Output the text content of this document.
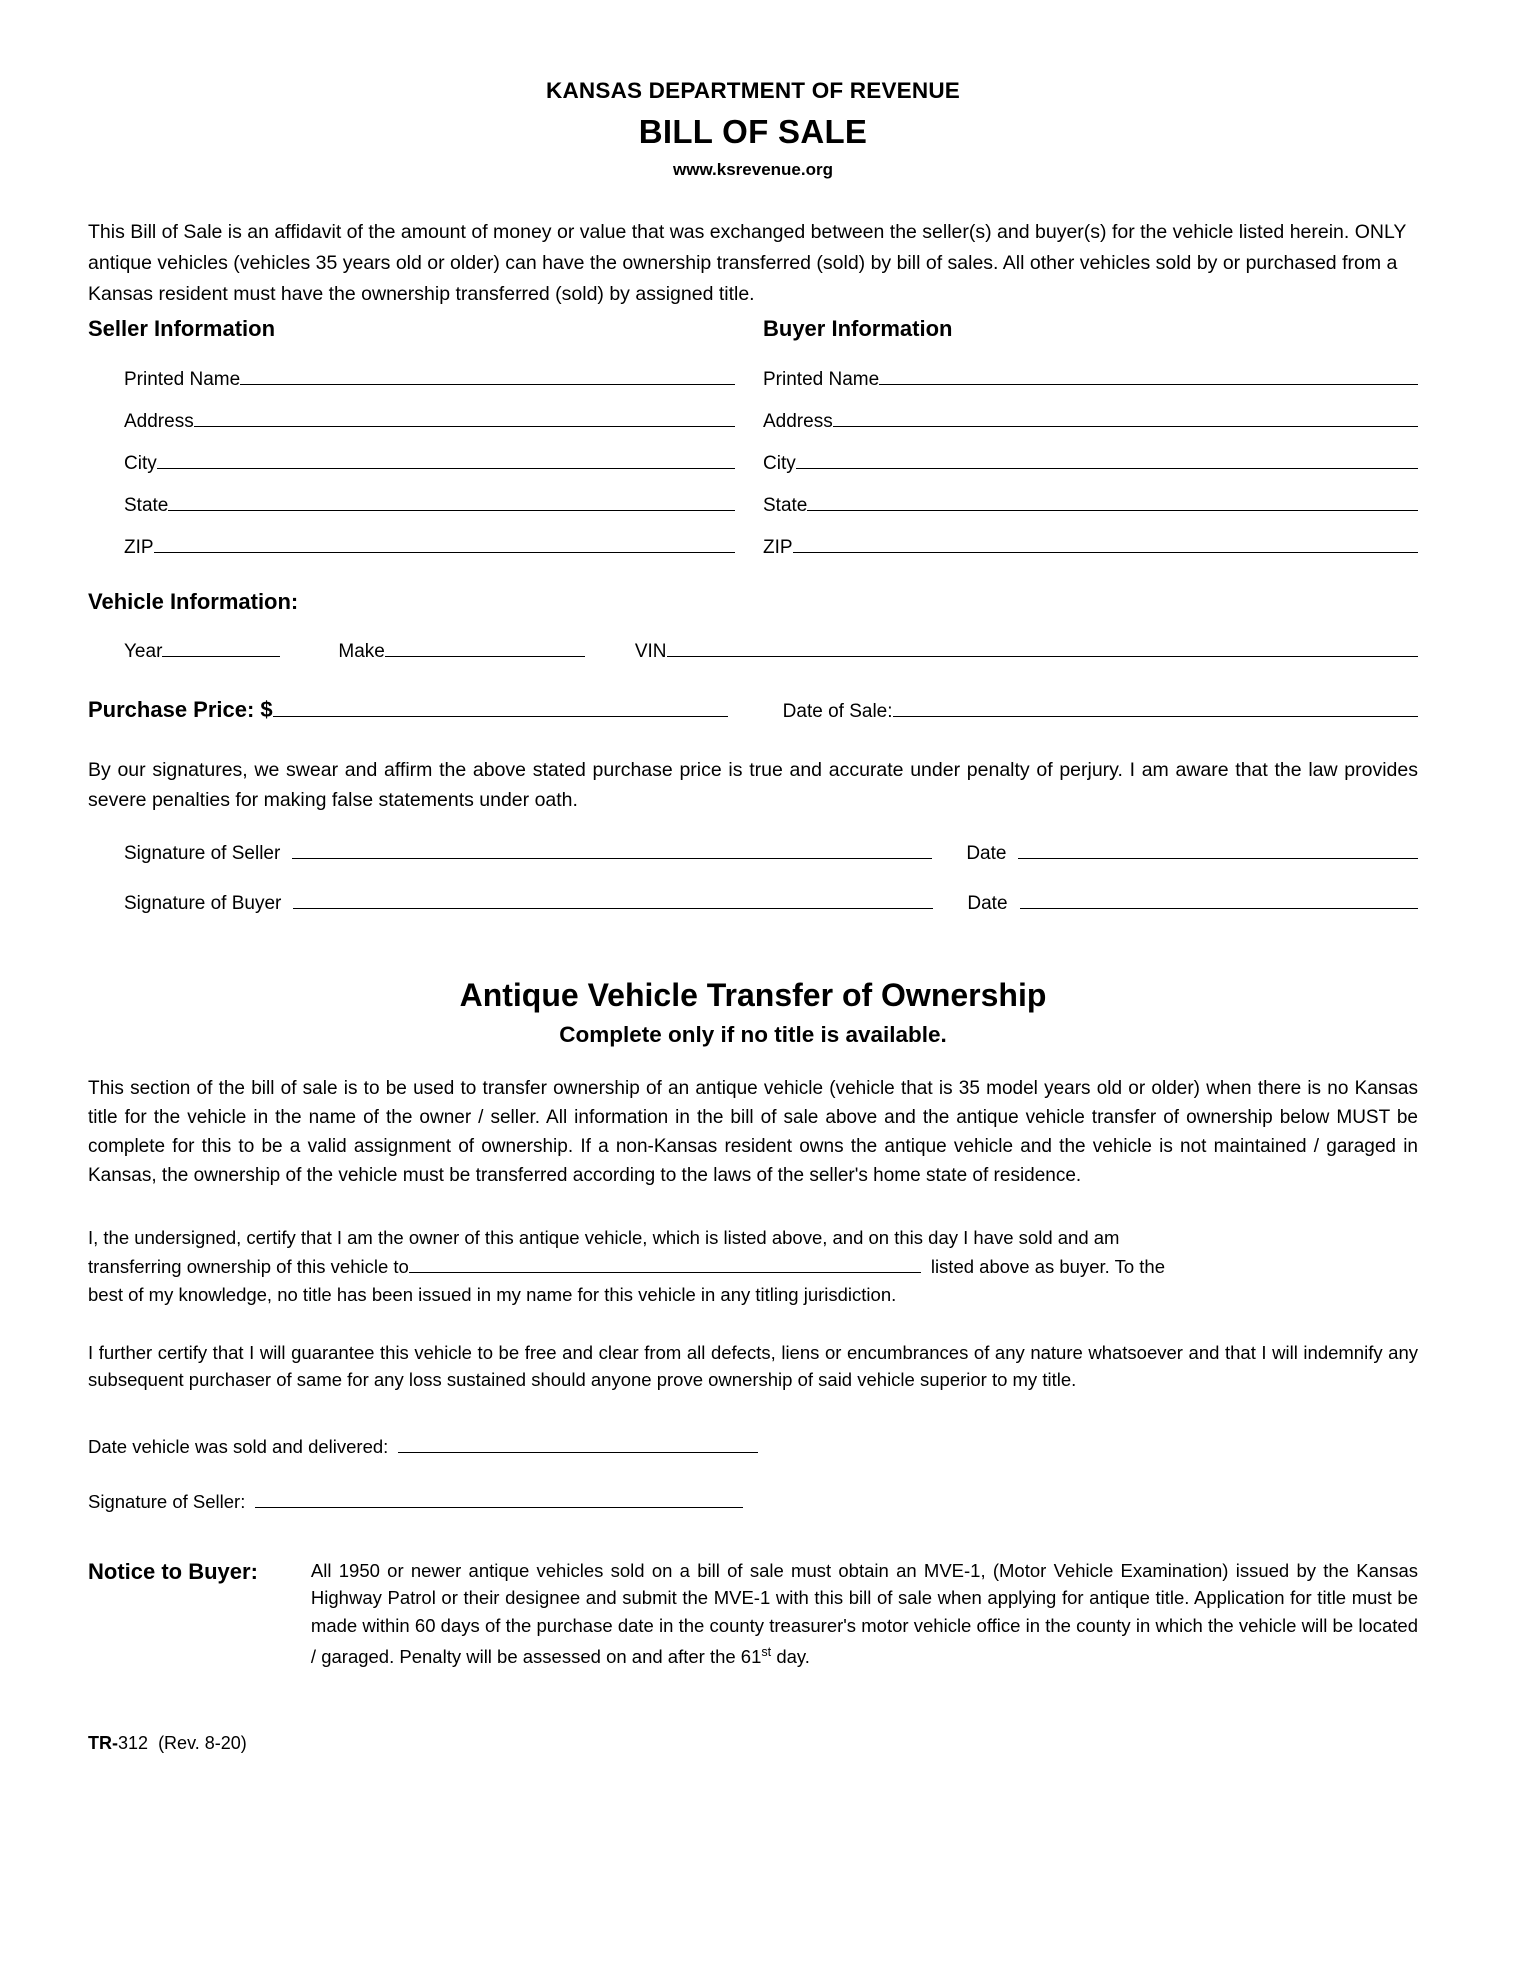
KANSAS DEPARTMENT OF REVENUE
BILL OF SALE
www.ksrevenue.org
This Bill of Sale is an affidavit of the amount of money or value that was exchanged between the seller(s) and buyer(s) for the vehicle listed herein. ONLY antique vehicles (vehicles 35 years old or older) can have the ownership transferred (sold) by bill of sales. All other vehicles sold by or purchased from a Kansas resident must have the ownership transferred (sold) by assigned title.
Seller Information
Printed Name
Address
City
State
ZIP
Buyer Information
Printed Name
Address
City
State
ZIP
Vehicle Information:
Year	Make	VIN
Purchase Price: $	Date of Sale:
By our signatures, we swear and affirm the above stated purchase price is true and accurate under penalty of perjury. I am aware that the law provides severe penalties for making false statements under oath.
Signature of Seller	Date
Signature of Buyer	Date
Antique Vehicle Transfer of Ownership
Complete only if no title is available.
This section of the bill of sale is to be used to transfer ownership of an antique vehicle (vehicle that is 35 model years old or older) when there is no Kansas title for the vehicle in the name of the owner / seller. All information in the bill of sale above and the antique vehicle transfer of ownership below MUST be complete for this to be a valid assignment of ownership. If a non-Kansas resident owns the antique vehicle and the vehicle is not maintained / garaged in Kansas, the ownership of the vehicle must be transferred according to the laws of the seller's home state of residence.
I, the undersigned, certify that I am the owner of this antique vehicle, which is listed above, and on this day I have sold and am
transferring ownership of this vehicle to	listed above as buyer. To the
best of my knowledge, no title has been issued in my name for this vehicle in any titling jurisdiction.
I further certify that I will guarantee this vehicle to be free and clear from all defects, liens or encumbrances of any nature whatsoever and that I will indemnify any subsequent purchaser of same for any loss sustained should anyone prove ownership of said vehicle superior to my title.
Date vehicle was sold and delivered:
Signature of Seller:
Notice to Buyer:	All 1950 or newer antique vehicles sold on a bill of sale must obtain an MVE-1, (Motor Vehicle Examination) issued by the Kansas Highway Patrol or their designee and submit the MVE-1 with this bill of sale when applying for antique title. Application for title must be made within 60 days of the purchase date in the county treasurer's motor vehicle office in the county in which the vehicle will be located / garaged. Penalty will be assessed on and after the 61st day.
TR-312 (Rev. 8-20)
